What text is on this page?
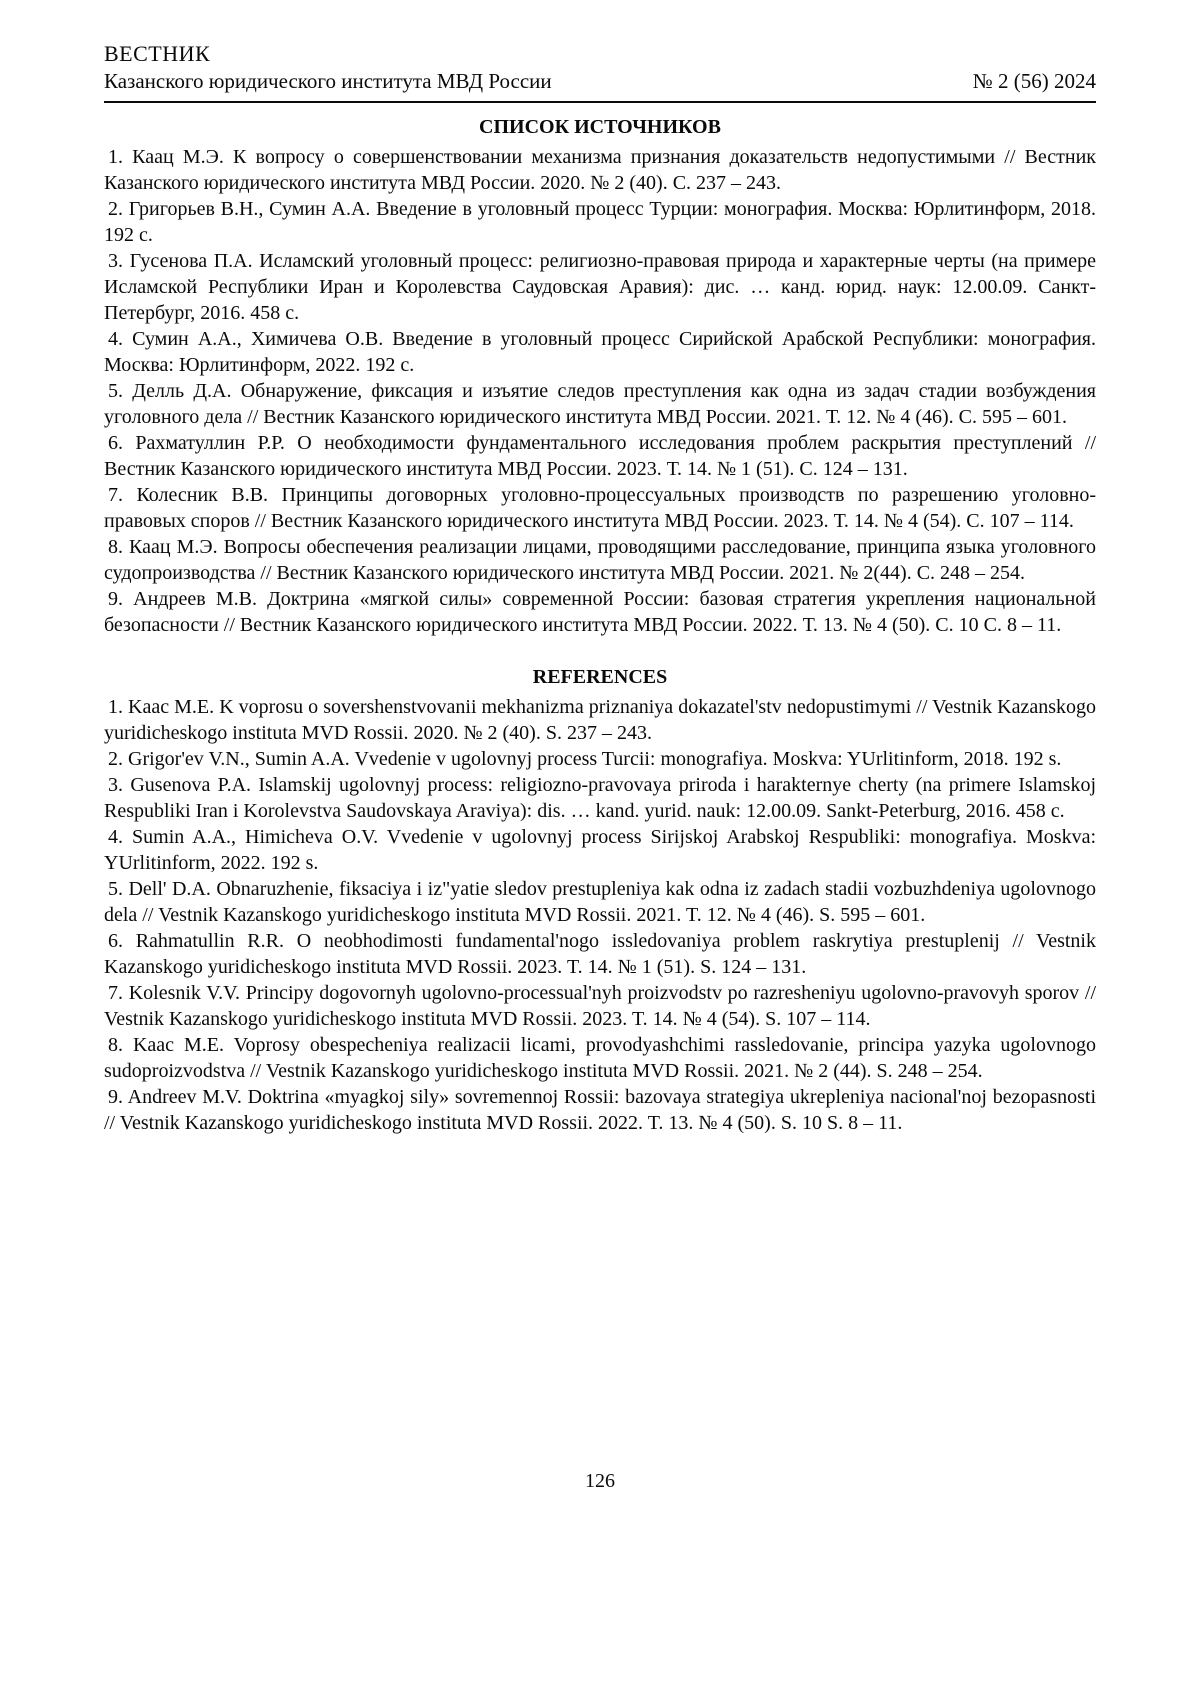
ВЕСТНИК
Казанского юридического института МВД России	№ 2 (56) 2024
СПИСОК ИСТОЧНИКОВ

1. Каац М.Э. К вопросу о совершенствовании механизма признания доказательств недопустимыми // Вестник Казанского юридического института МВД России. 2020. № 2 (40). С. 237 – 243.

2. Григорьев В.Н., Сумин А.А. Введение в уголовный процесс Турции: монография. Москва: Юрлитинформ, 2018. 192 с.

3. Гусенова П.А. Исламский уголовный процесс: религиозно-правовая природа и характерные черты (на примере Исламской Республики Иран и Королевства Саудовская Аравия): дис. … канд. юрид. наук: 12.00.09. Санкт-Петербург, 2016. 458 с.

4. Сумин А.А., Химичева О.В. Введение в уголовный процесс Сирийской Арабской Республики: монография. Москва: Юрлитинформ, 2022. 192 с.

5. Делль Д.А. Обнаружение, фиксация и изъятие следов преступления как одна из задач стадии возбуждения уголовного дела // Вестник Казанского юридического института МВД России. 2021. Т. 12. № 4 (46). С. 595 – 601.

6. Рахматуллин Р.Р. О необходимости фундаментального исследования проблем раскрытия преступлений // Вестник Казанского юридического института МВД России. 2023. Т. 14. № 1 (51). С. 124 – 131.

7. Колесник В.В. Принципы договорных уголовно-процессуальных производств по разрешению уголовно-правовых споров // Вестник Казанского юридического института МВД России. 2023. Т. 14. № 4 (54). С. 107 – 114.

8. Каац М.Э. Вопросы обеспечения реализации лицами, проводящими расследование, принципа языка уголовного судопроизводства // Вестник Казанского юридического института МВД России. 2021. № 2(44). С. 248 – 254.

9. Андреев М.В. Доктрина «мягкой силы» современной России: базовая стратегия укрепления национальной безопасности // Вестник Казанского юридического института МВД России. 2022. Т. 13. № 4 (50). С. 10 С. 8 – 11.

REFERENCES

1. Kaac M.E. K voprosu o sovershenstvovanii mekhanizma priznaniya dokazatel'stv nedopustimymi // Vestnik Kazanskogo yuridicheskogo instituta MVD Rossii. 2020. № 2 (40). S. 237 – 243.

2. Grigor'ev V.N., Sumin A.A. Vvedenie v ugolovnyj process Turcii: monografiya. Moskva: YUrlitinform, 2018. 192 s.

3. Gusenova P.A. Islamskij ugolovnyj process: religiozno-pravovaya priroda i harakternye cherty (na primere Islamskoj Respubliki Iran i Korolevstva Saudovskaya Araviya): dis. … kand. yurid. nauk: 12.00.09. Sankt-Peterburg, 2016. 458 c.

4. Sumin A.A., Himicheva O.V. Vvedenie v ugolovnyj process Sirijskoj Arabskoj Respubliki: monografiya. Moskva: YUrlitinform, 2022. 192 s.

5. Dell' D.A. Obnaruzhenie, fiksaciya i iz"yatie sledov prestupleniya kak odna iz zadach stadii vozbuzhdeniya ugolovnogo dela // Vestnik Kazanskogo yuridicheskogo instituta MVD Rossii. 2021. T. 12. № 4 (46). S. 595 – 601.

6. Rahmatullin R.R. O neobhodimosti fundamental'nogo issledovaniya problem raskrytiya prestuplenij // Vestnik Kazanskogo yuridicheskogo instituta MVD Rossii. 2023. T. 14. № 1 (51). S. 124 – 131.

7. Kolesnik V.V. Principy dogovornyh ugolovno-processual'nyh proizvodstv po razresheniyu ugolovno-pravovyh sporov // Vestnik Kazanskogo yuridicheskogo instituta MVD Rossii. 2023. T. 14. № 4 (54). S. 107 – 114.

8. Kaac M.E. Voprosy obespecheniya realizacii licami, provodyashchimi rassledovanie, principa yazyka ugolovnogo sudoproizvodstva // Vestnik Kazanskogo yuridicheskogo instituta MVD Rossii. 2021. № 2 (44). S. 248 – 254.

9. Andreev M.V. Doktrina «myagkoj sily» sovremennoj Rossii: bazovaya strategiya ukrepleniya nacional'noj bezopasnosti // Vestnik Kazanskogo yuridicheskogo instituta MVD Rossii. 2022. T. 13. № 4 (50). S. 10 S. 8 – 11.

126
